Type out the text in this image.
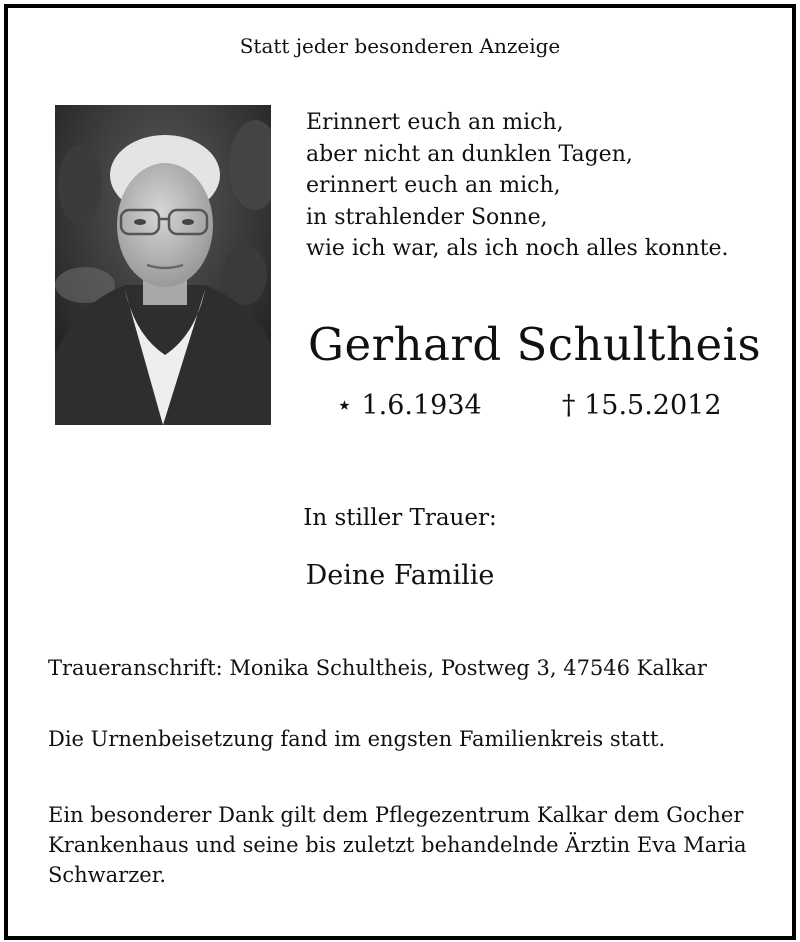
Statt jeder besonderen Anzeige
Erinnert euch an mich,
aber nicht an dunklen Tagen,
erinnert euch an mich,
in strahlender Sonne,
wie ich war, als ich noch alles konnte.
Gerhard Schultheis
⋆ 1.6.1934	† 15.5.2012
In stiller Trauer:
Deine Familie
Traueranschrift: Monika Schultheis, Postweg 3, 47546 Kalkar
Die Urnenbeisetzung fand im engsten Familienkreis statt.
Ein besonderer Dank gilt dem Pflegezentrum Kalkar dem Gocher Krankenhaus und seine bis zuletzt behandelnde Ärztin Eva Maria Schwarzer.
